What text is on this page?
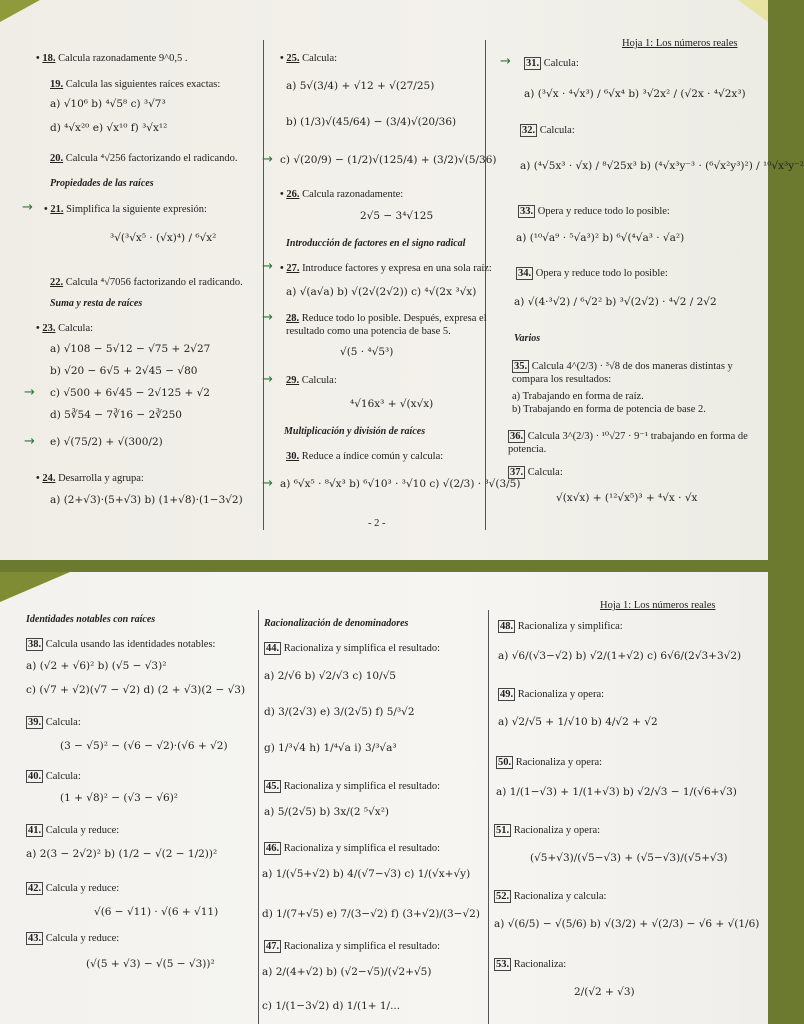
Hoja 1: Los números reales
• 18. Calcula razonadamente 9^0,5 .
19. Calcula las siguientes raíces exactas:
a) √10⁶ b) ⁴√5⁸ c) ³√7³
d) ⁴√x²⁰ e) √x¹⁰ f) ³√x¹²
20. Calcula ⁴√256 factorizando el radicando.
Propiedades de las raíces
→ • 21. Simplifica la siguiente expresión:
³√(³√x⁵ · (√x)⁴) / ⁶√x²
22. Calcula ⁴√7056 factorizando el radicando.
Suma y resta de raíces
• 23. Calcula:
a) √108 − 5√12 − √75 + 2√27
b) √20 − 6√5 + 2√45 − √80
→ c) √500 + 6√45 − 2√125 + √2
d) 5∛54 − 7∛16 − 2∛250
→ e) √(75/2) + √(300/2)
• 24. Desarrolla y agrupa:
a) (2+√3)·(5+√3) b) (1+√8)·(1−3√2)
• 25. Calcula:
a) 5√(3/4) + √12 + √(27/25)
b) (1/3)√(45/64) − (3/4)√(20/36)
→ c) √(20/9) − (1/2)√(125/4) + (3/2)√(5/36)
• 26. Calcula razonadamente:
2√5 − 3⁴√125
Introducción de factores en el signo radical
→ • 27. Introduce factores y expresa en una sola raíz:
a) √(a√a) b) √(2√(2√2)) c) ⁴√(2x ³√x)
→ 28. Reduce todo lo posible. Después, expresa el
resultado como una potencia de base 5.
√(5 · ⁴√5³)
→ 29. Calcula:
⁴√16x³ + √(x√x)
Multiplicación y división de raíces
30. Reduce a índice común y calcula:
→ a) ⁶√x⁵ · ⁸√x³ b) ⁶√10³ · ³√10 c) √(2/3) · ³√(3/5)
- 2 -
→ 31. Calcula:
a) (³√x · ⁴√x³) / ⁶√x⁴ b) ³√2x² / (√2x · ⁴√2x³)
32. Calcula:
a) (⁴√5x³ · √x) / ⁸√25x³ b) (⁴√x³y⁻³ · (⁶√x²y³)²) / ¹⁰√x³y⁻²
33. Opera y reduce todo lo posible:
a) (¹⁰√a⁹ · ⁵√a³)² b) ⁶√(⁴√a³ · √a²)
34. Opera y reduce todo lo posible:
a) √(4·³√2) / ⁶√2² b) ³√(2√2) · ⁴√2 / 2√2
Varios
35. Calcula 4^(2/3) · ³√8 de dos maneras distintas y
compara los resultados:
a) Trabajando en forma de raíz.
b) Trabajando en forma de potencia de base 2.
36. Calcula 3^(2/3) · ¹⁰√27 · 9⁻¹ trabajando en forma de
potencia.
37. Calcula:
√(x√x) + (¹²√x⁵)³ + ⁴√x · √x
Hoja 1: Los números reales
Identidades notables con raíces
38. Calcula usando las identidades notables:
a) (√2 + √6)² b) (√5 − √3)²
c) (√7 + √2)(√7 − √2) d) (2 + √3)(2 − √3)
39. Calcula:
(3 − √5)² − (√6 − √2)·(√6 + √2)
40. Calcula:
(1 + √8)² − (√3 − √6)²
41. Calcula y reduce:
a) 2(3 − 2√2)² b) (1/2 − √(2 − 1/2))²
42. Calcula y reduce:
√(6 − √11) · √(6 + √11)
43. Calcula y reduce:
(√(5 + √3) − √(5 − √3))²
Racionalización de denominadores
44. Racionaliza y simplifica el resultado:
a) 2/√6 b) √2/√3 c) 10/√5
d) 3/(2√3) e) 3/(2√5) f) 5/³√2
g) 1/³√4 h) 1/⁴√a i) 3/³√a³
45. Racionaliza y simplifica el resultado:
a) 5/(2√5) b) 3x/(2 ⁵√x²)
46. Racionaliza y simplifica el resultado:
a) 1/(√5+√2) b) 4/(√7−√3) c) 1/(√x+√y)
d) 1/(7+√5) e) 7/(3−√2) f) (3+√2)/(3−√2)
47. Racionaliza y simplifica el resultado:
a) 2/(4+√2) b) (√2−√5)/(√2+√5)
c) 1/(1−3√2) d) 1/(1+ 1/...
48. Racionaliza y simplifica:
a) √6/(√3−√2) b) √2/(1+√2) c) 6√6/(2√3+3√2)
49. Racionaliza y opera:
a) √2/√5 + 1/√10 b) 4/√2 + √2
50. Racionaliza y opera:
a) 1/(1−√3) + 1/(1+√3) b) √2/√3 − 1/(√6+√3)
51. Racionaliza y opera:
(√5+√3)/(√5−√3) + (√5−√3)/(√5+√3)
52. Racionaliza y calcula:
a) √(6/5) − √(5/6) b) √(3/2) + √(2/3) − √6 + √(1/6)
53. Racionaliza:
2/(√2 + √3)
